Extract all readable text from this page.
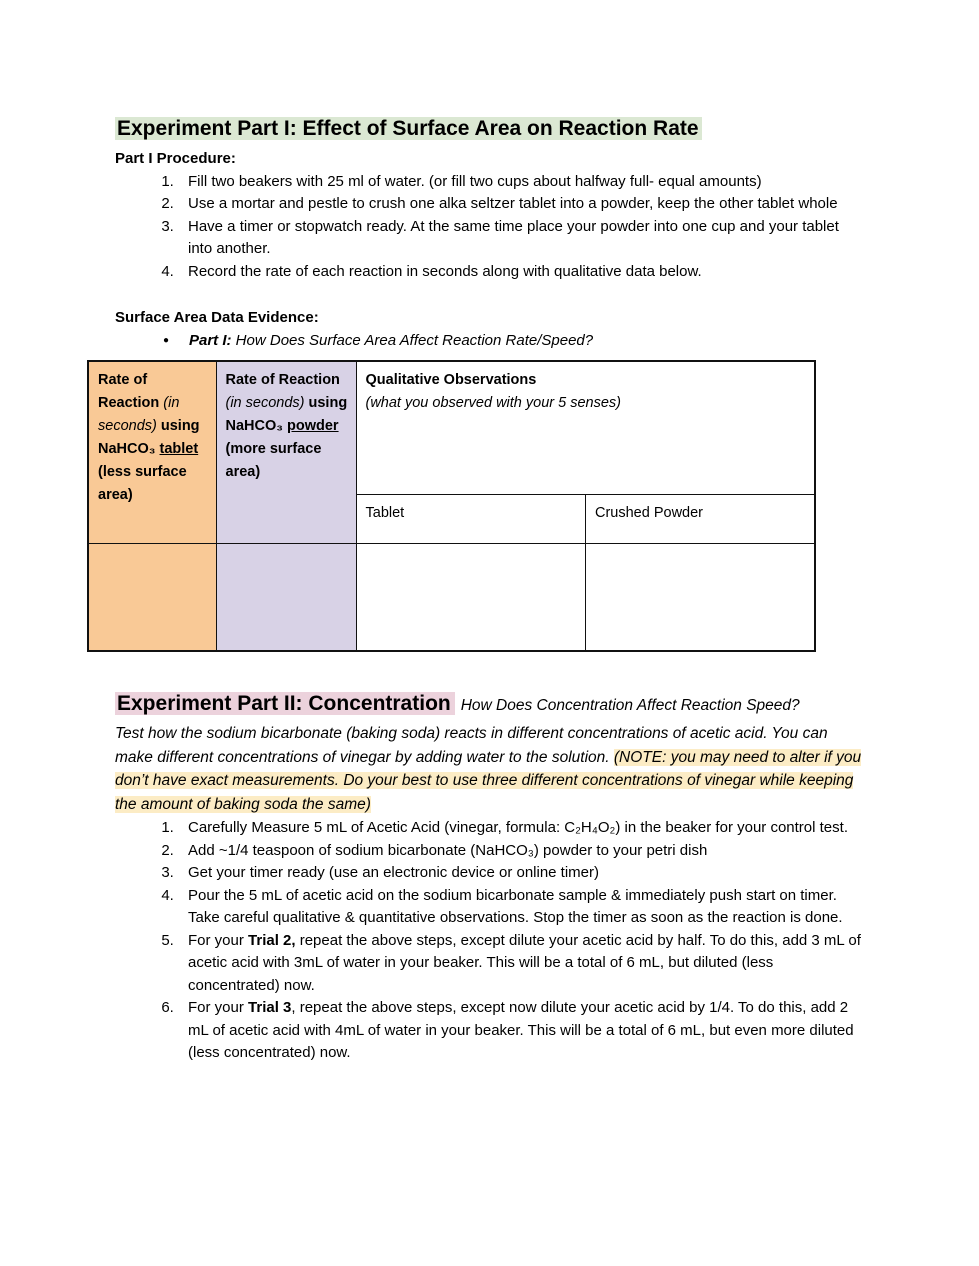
Experiment Part I: Effect of Surface Area on Reaction Rate
Part I Procedure:
1. Fill two beakers with 25 ml of water. (or fill two cups about halfway full- equal amounts)
2. Use a mortar and pestle to crush one alka seltzer tablet into a powder, keep the other tablet whole
3. Have a timer or stopwatch ready. At the same time place your powder into one cup and your tablet into another.
4. Record the rate of each reaction in seconds along with qualitative data below.
Surface Area Data Evidence:
●	Part I: How Does Surface Area Affect Reaction Rate/Speed?
Rate of Reaction (in seconds) using NaHCO₃ tablet (less surface area)	Rate of Reaction (in seconds) using NaHCO₃ powder (more surface area)	Qualitative Observations
(what you observed with your 5 senses)	

		Tablet	Crushed Powder

Experiment Part II: Concentration How Does Concentration Affect Reaction Speed?
Test how the sodium bicarbonate (baking soda) reacts in different concentrations of acetic acid. You can make different concentrations of vinegar by adding water to the solution. (NOTE: you may need to alter if you don’t have exact measurements. Do your best to use three different concentrations of vinegar while keeping the amount of baking soda the same)
1. Carefully Measure 5 mL of Acetic Acid (vinegar, formula: C₂H₄O₂) in the beaker for your control test.
2. Add ~1/4 teaspoon of sodium bicarbonate (NaHCO₃) powder to your petri dish
3. Get your timer ready (use an electronic device or online timer)
4. Pour the 5 mL of acetic acid on the sodium bicarbonate sample & immediately push start on timer. Take careful qualitative & quantitative observations. Stop the timer as soon as the reaction is done.
5. For your Trial 2, repeat the above steps, except dilute your acetic acid by half. To do this, add 3 mL of acetic acid with 3mL of water in your beaker. This will be a total of 6 mL, but diluted (less concentrated) now.
6. For your Trial 3, repeat the above steps, except now dilute your acetic acid by 1/4. To do this, add 2 mL of acetic acid with 4mL of water in your beaker. This will be a total of 6 mL, but even more diluted (less concentrated) now.
